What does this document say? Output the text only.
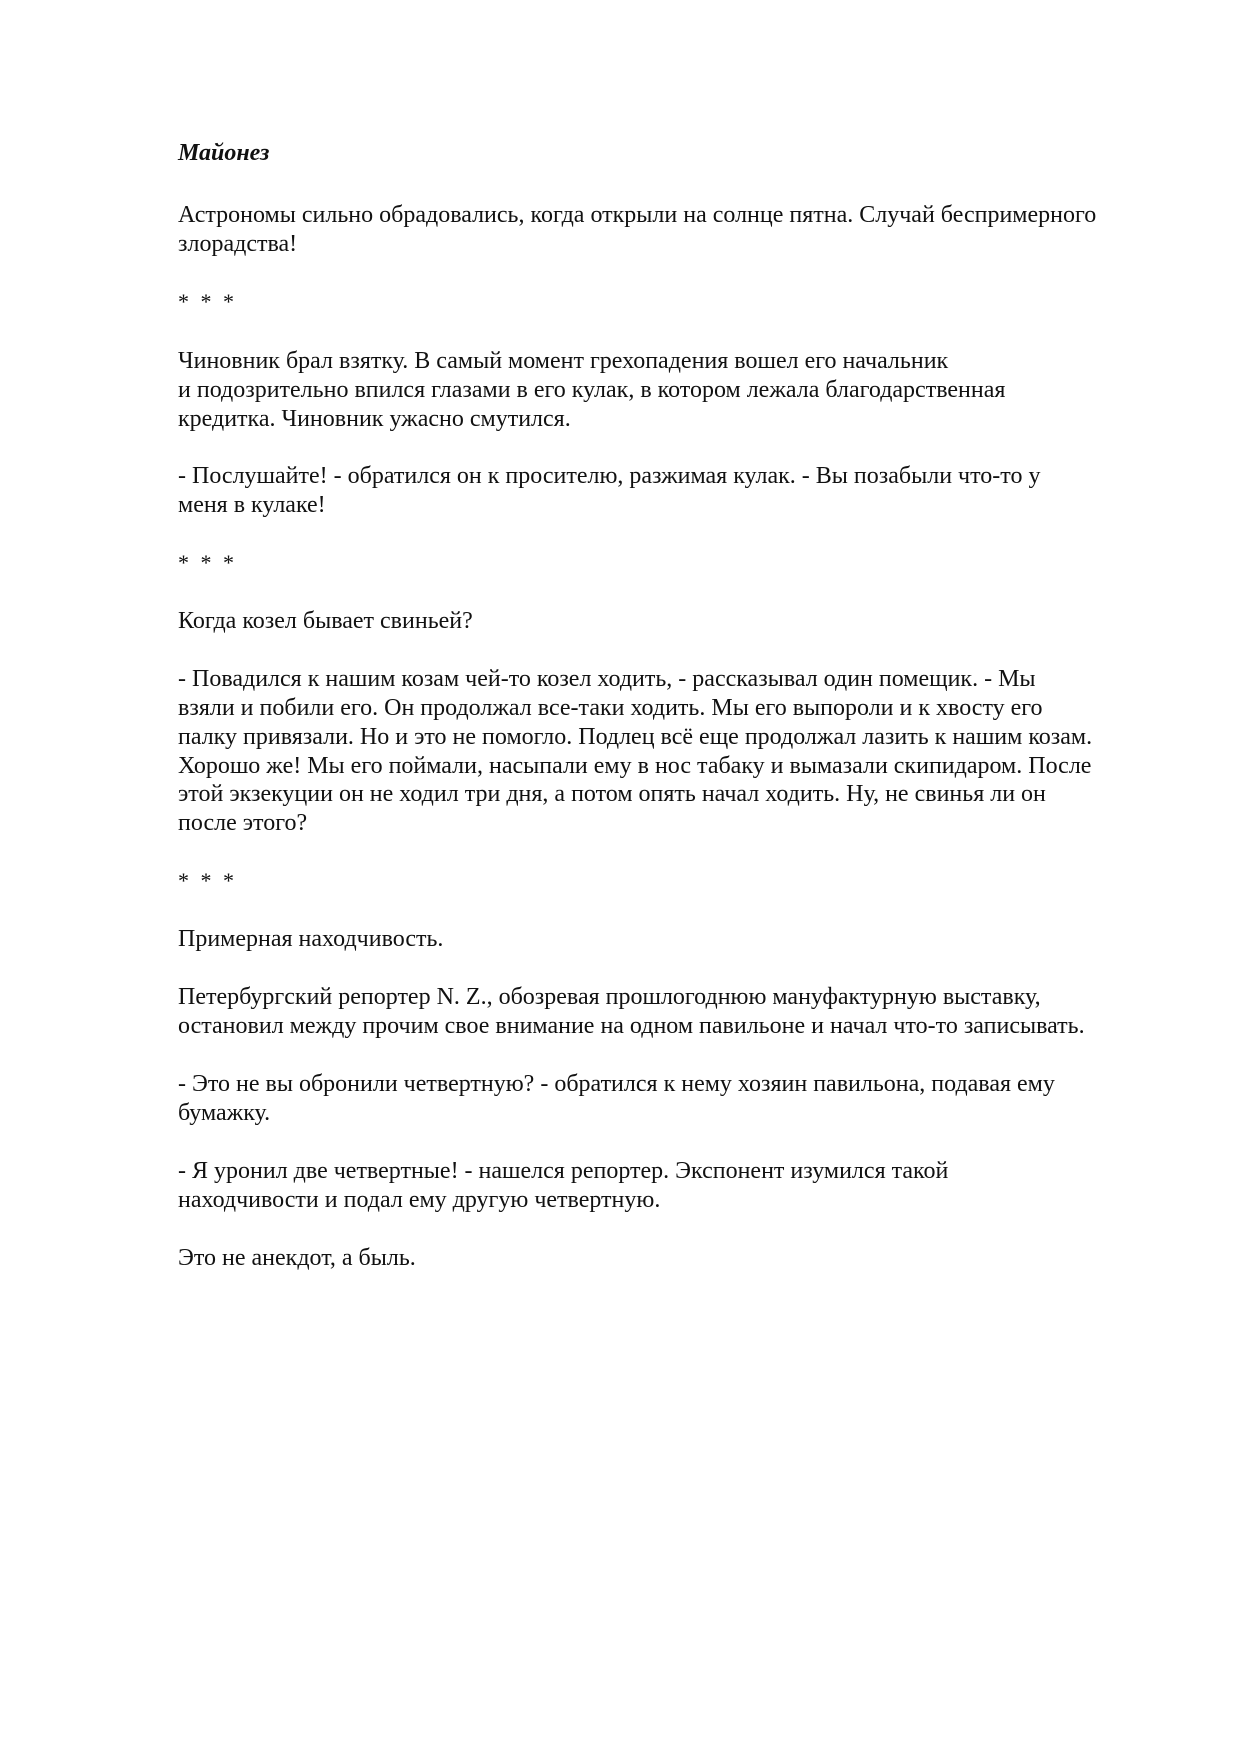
Майонез
Астрономы сильно обрадовались, когда открыли на солнце пятна. Случай беспримерного
злорадства!
* * *
Чиновник брал взятку. В самый момент грехопадения вошел его начальник
и подозрительно впился глазами в его кулак, в котором лежала благодарственная
кредитка. Чиновник ужасно смутился.
- Послушайте! - обратился он к просителю, разжимая кулак. - Вы позабыли что-то у
меня в кулаке!
* * *
Когда козел бывает свиньей?
- Повадился к нашим козам чей-то козел ходить, - рассказывал один помещик. - Мы
взяли и побили его. Он продолжал все-таки ходить. Мы его выпороли и к хвосту его
палку привязали. Но и это не помогло. Подлец всё еще продолжал лазить к нашим козам.
Хорошо же! Мы его поймали, насыпали ему в нос табаку и вымазали скипидаром. После
этой экзекуции он не ходил три дня, а потом опять начал ходить. Ну, не свинья ли он
после этого?
* * *
Примерная находчивость.
Петербургский репортер N. Z., обозревая прошлогоднюю мануфактурную выставку,
остановил между прочим свое внимание на одном павильоне и начал что-то записывать.
- Это не вы обронили четвертную? - обратился к нему хозяин павильона, подавая ему
бумажку.
- Я уронил две четвертные! - нашелся репортер. Экспонент изумился такой
находчивости и подал ему другую четвертную.
Это не анекдот, а быль.
